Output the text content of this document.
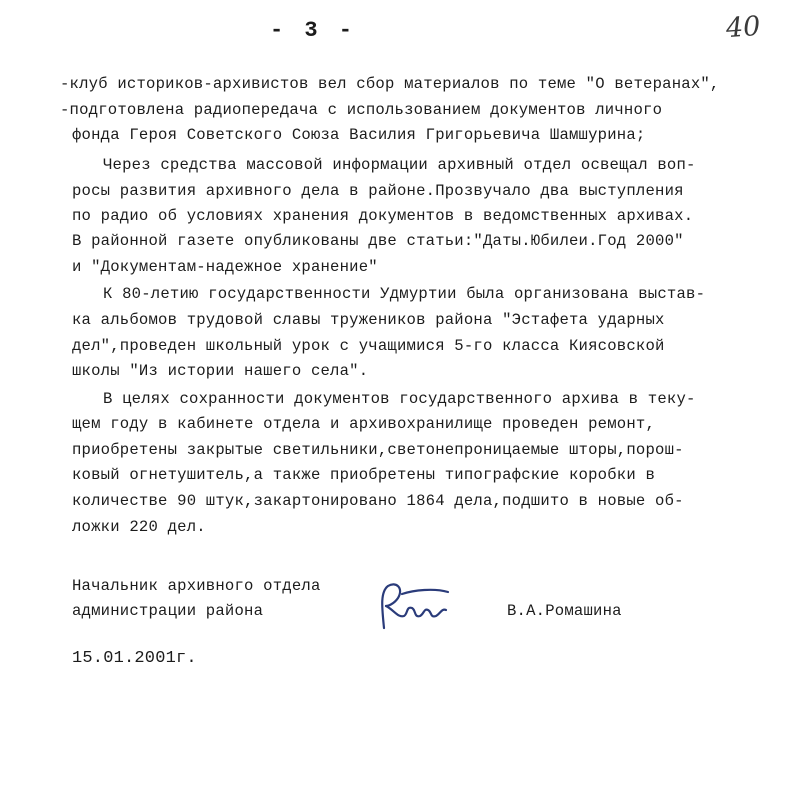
- 3 -	40
-клуб историков-архивистов вел сбор материалов по теме "О ветеранах",
-подготовлена радиопередача с использованием документов личного
фонда Героя Советского Союза Василия Григорьевича Шамшурина;
Через средства массовой информации архивный отдел освещал воп-
росы развития архивного дела в районе.Прозвучало два выступления
по радио об условиях хранения документов в ведомственных архивах.
В районной газете опубликованы две статьи:"Даты.Юбилеи.Год 2000"
и "Документам-надежное хранение"
К 80-летию государственности Удмуртии была организована выстав-
ка альбомов трудовой славы тружеников района "Эстафета ударных
дел",проведен школьный урок с учащимися 5-го класса Киясовской
школы "Из истории нашего села".
В целях сохранности документов государственного архива в теку-
щем году в кабинете отдела и архивохранилище проведен ремонт,
приобретены закрытые светильники,светонепроницаемые шторы,порош-
ковый огнетушитель,а также приобретены типографские коробки в
количестве 90 штук,закартонировано 1864 дела,подшито в новые об-
ложки 220 дел.
Начальник архивного отдела
администрации района	В.А.Ромашина
15.01.2001г.
